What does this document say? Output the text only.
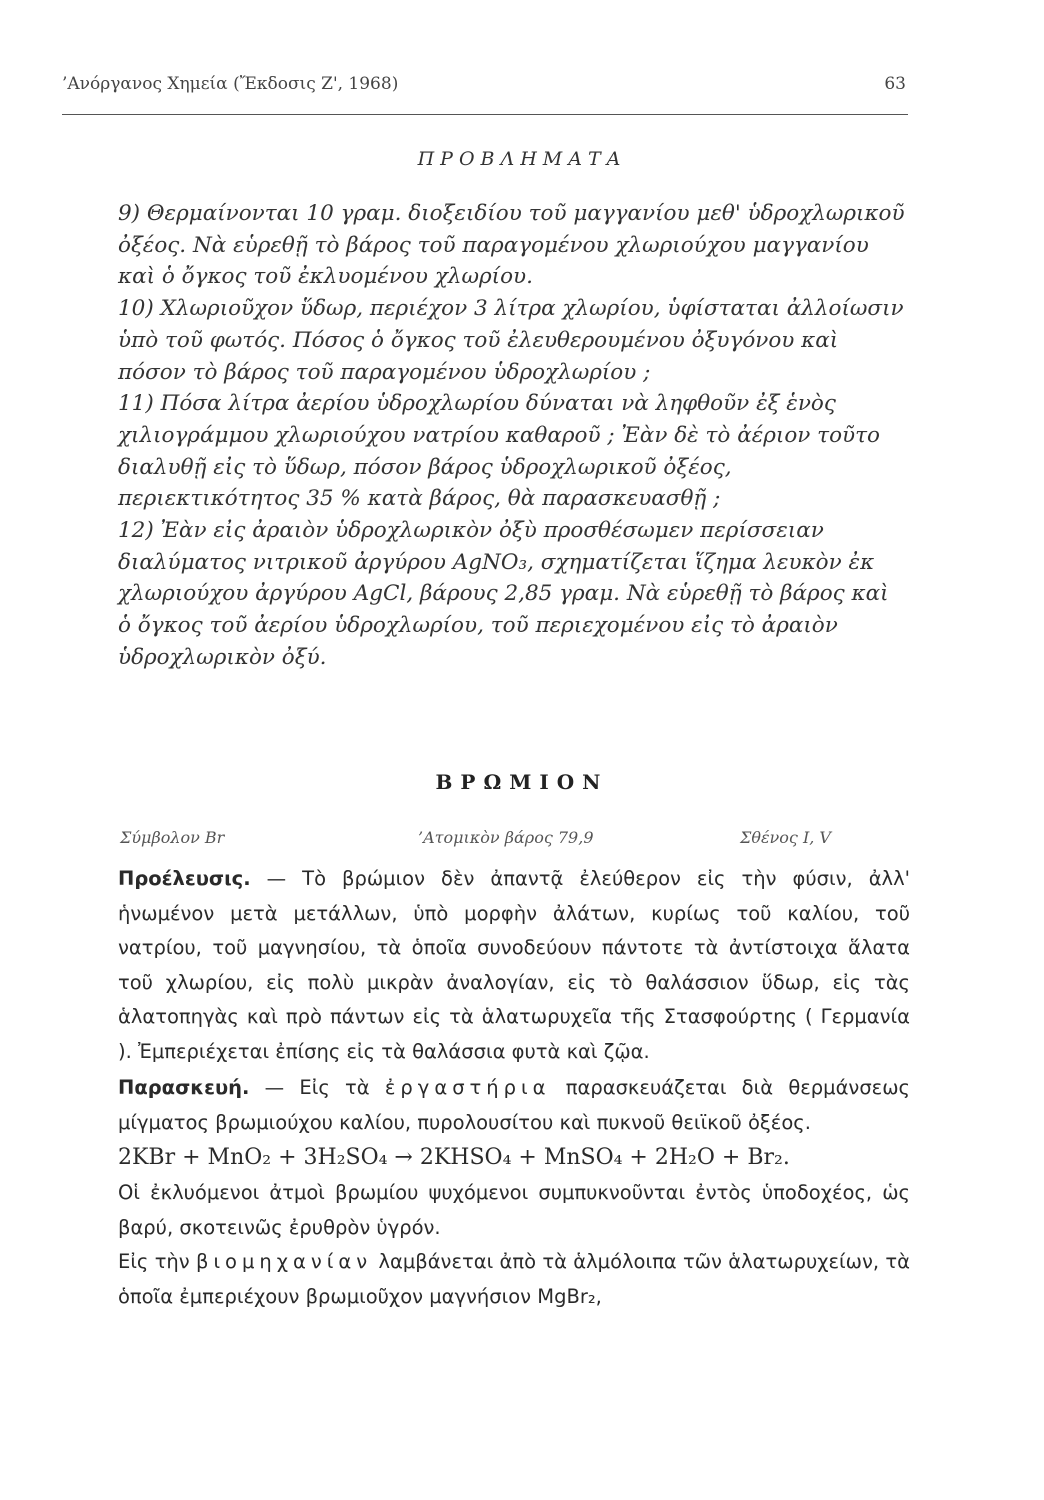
’Ανόργανος Χημεία (Ἔκδοσις Ζ', 1968)	63
ΠΡΟΒΛΗΜΑΤΑ

9) Θερμαίνονται 10 γραμ. διοξειδίου τοῦ μαγγανίου μεθ' ὑδροχλωρικοῦ ὀξέος. Νὰ εὑρεθῇ τὸ βάρος τοῦ παραγομένου χλωριούχου μαγγανίου καὶ ὁ ὄγκος τοῦ ἐκλυομένου χλωρίου.

10) Χλωριοῦχον ὕδωρ, περιέχον 3 λίτρα χλωρίου, ὑφίσταται ἀλλοίωσιν ὑπὸ τοῦ φωτός. Πόσος ὁ ὄγκος τοῦ ἐλευθερουμένου ὀξυγόνου καὶ πόσον τὸ βάρος τοῦ παραγομένου ὑδροχλωρίου ;

11) Πόσα λίτρα ἀερίου ὑδροχλωρίου δύναται νὰ ληφθοῦν ἐξ ἑνὸς χιλιογράμμου χλωριούχου νατρίου καθαροῦ ; Ἐὰν δὲ τὸ ἀέριον τοῦτο διαλυθῇ εἰς τὸ ὕδωρ, πόσον βάρος ὑδροχλωρικοῦ ὀξέος, περιεκτικότητος 35 % κατὰ βάρος, θὰ παρασκευασθῇ ;

12) Ἐὰν εἰς ἀραιὸν ὑδροχλωρικὸν ὀξὺ προσθέσωμεν περίσσειαν διαλύματος νιτρικοῦ ἀργύρου AgNO₃, σχηματίζεται ἵζημα λευκὸν ἐκ χλωριούχου ἀργύρου AgCl, βάρους 2,85 γραμ. Νὰ εὑρεθῇ τὸ βάρος καὶ ὁ ὄγκος τοῦ ἀερίου ὑδροχλωρίου, τοῦ περιεχομένου εἰς τὸ ἀραιὸν ὑδροχλωρικὸν ὀξύ.

ΒΡΩΜΙΟΝ
Σύμβολον Br	’Ατομικὸν βάρος 79,9	Σθένος I, V

Προέλευσις. — Τὸ βρώμιον δὲν ἀπαντᾷ ἐλεύθερον εἰς τὴν φύσιν, ἀλλ' ἡνωμένον μετὰ μετάλλων, ὑπὸ μορφὴν ἀλάτων, κυρίως τοῦ καλίου, τοῦ νατρίου, τοῦ μαγνησίου, τὰ ὁποῖα συνοδεύουν πάντοτε τὰ ἀντίστοιχα ἅλατα τοῦ χλωρίου, εἰς πολὺ μικρὰν ἀναλογίαν, εἰς τὸ θαλάσσιον ὕδωρ, εἰς τὰς ἁλατοπηγὰς καὶ πρὸ πάντων εἰς τὰ ἁλατωρυχεῖα τῆς Στασφούρτης ( Γερμανία ). Ἐμπεριέχεται ἐπίσης εἰς τὰ θαλάσσια φυτὰ καὶ ζῷα.

Παρασκευή. — Εἰς τὰ ἐργαστήρια παρασκευάζεται διὰ θερμάνσεως μίγματος βρωμιούχου καλίου, πυρολουσίτου καὶ πυκνοῦ θειϊκοῦ ὀξέος.

2KBr + MnO₂ + 3H₂SO₄ → 2KHSO₄ + MnSO₄ + 2H₂O + Br₂.

Οἱ ἐκλυόμενοι ἀτμοὶ βρωμίου ψυχόμενοι συμπυκνοῦνται ἐντὸς ὑποδοχέος, ὡς βαρύ, σκοτεινῶς ἐρυθρὸν ὑγρόν.

Εἰς τὴν βιομηχανίαν λαμβάνεται ἀπὸ τὰ ἁλμόλοιπα τῶν ἁλατωρυχείων, τὰ ὁποῖα ἐμπεριέχουν βρωμιοῦχον μαγνήσιον MgBr₂,
